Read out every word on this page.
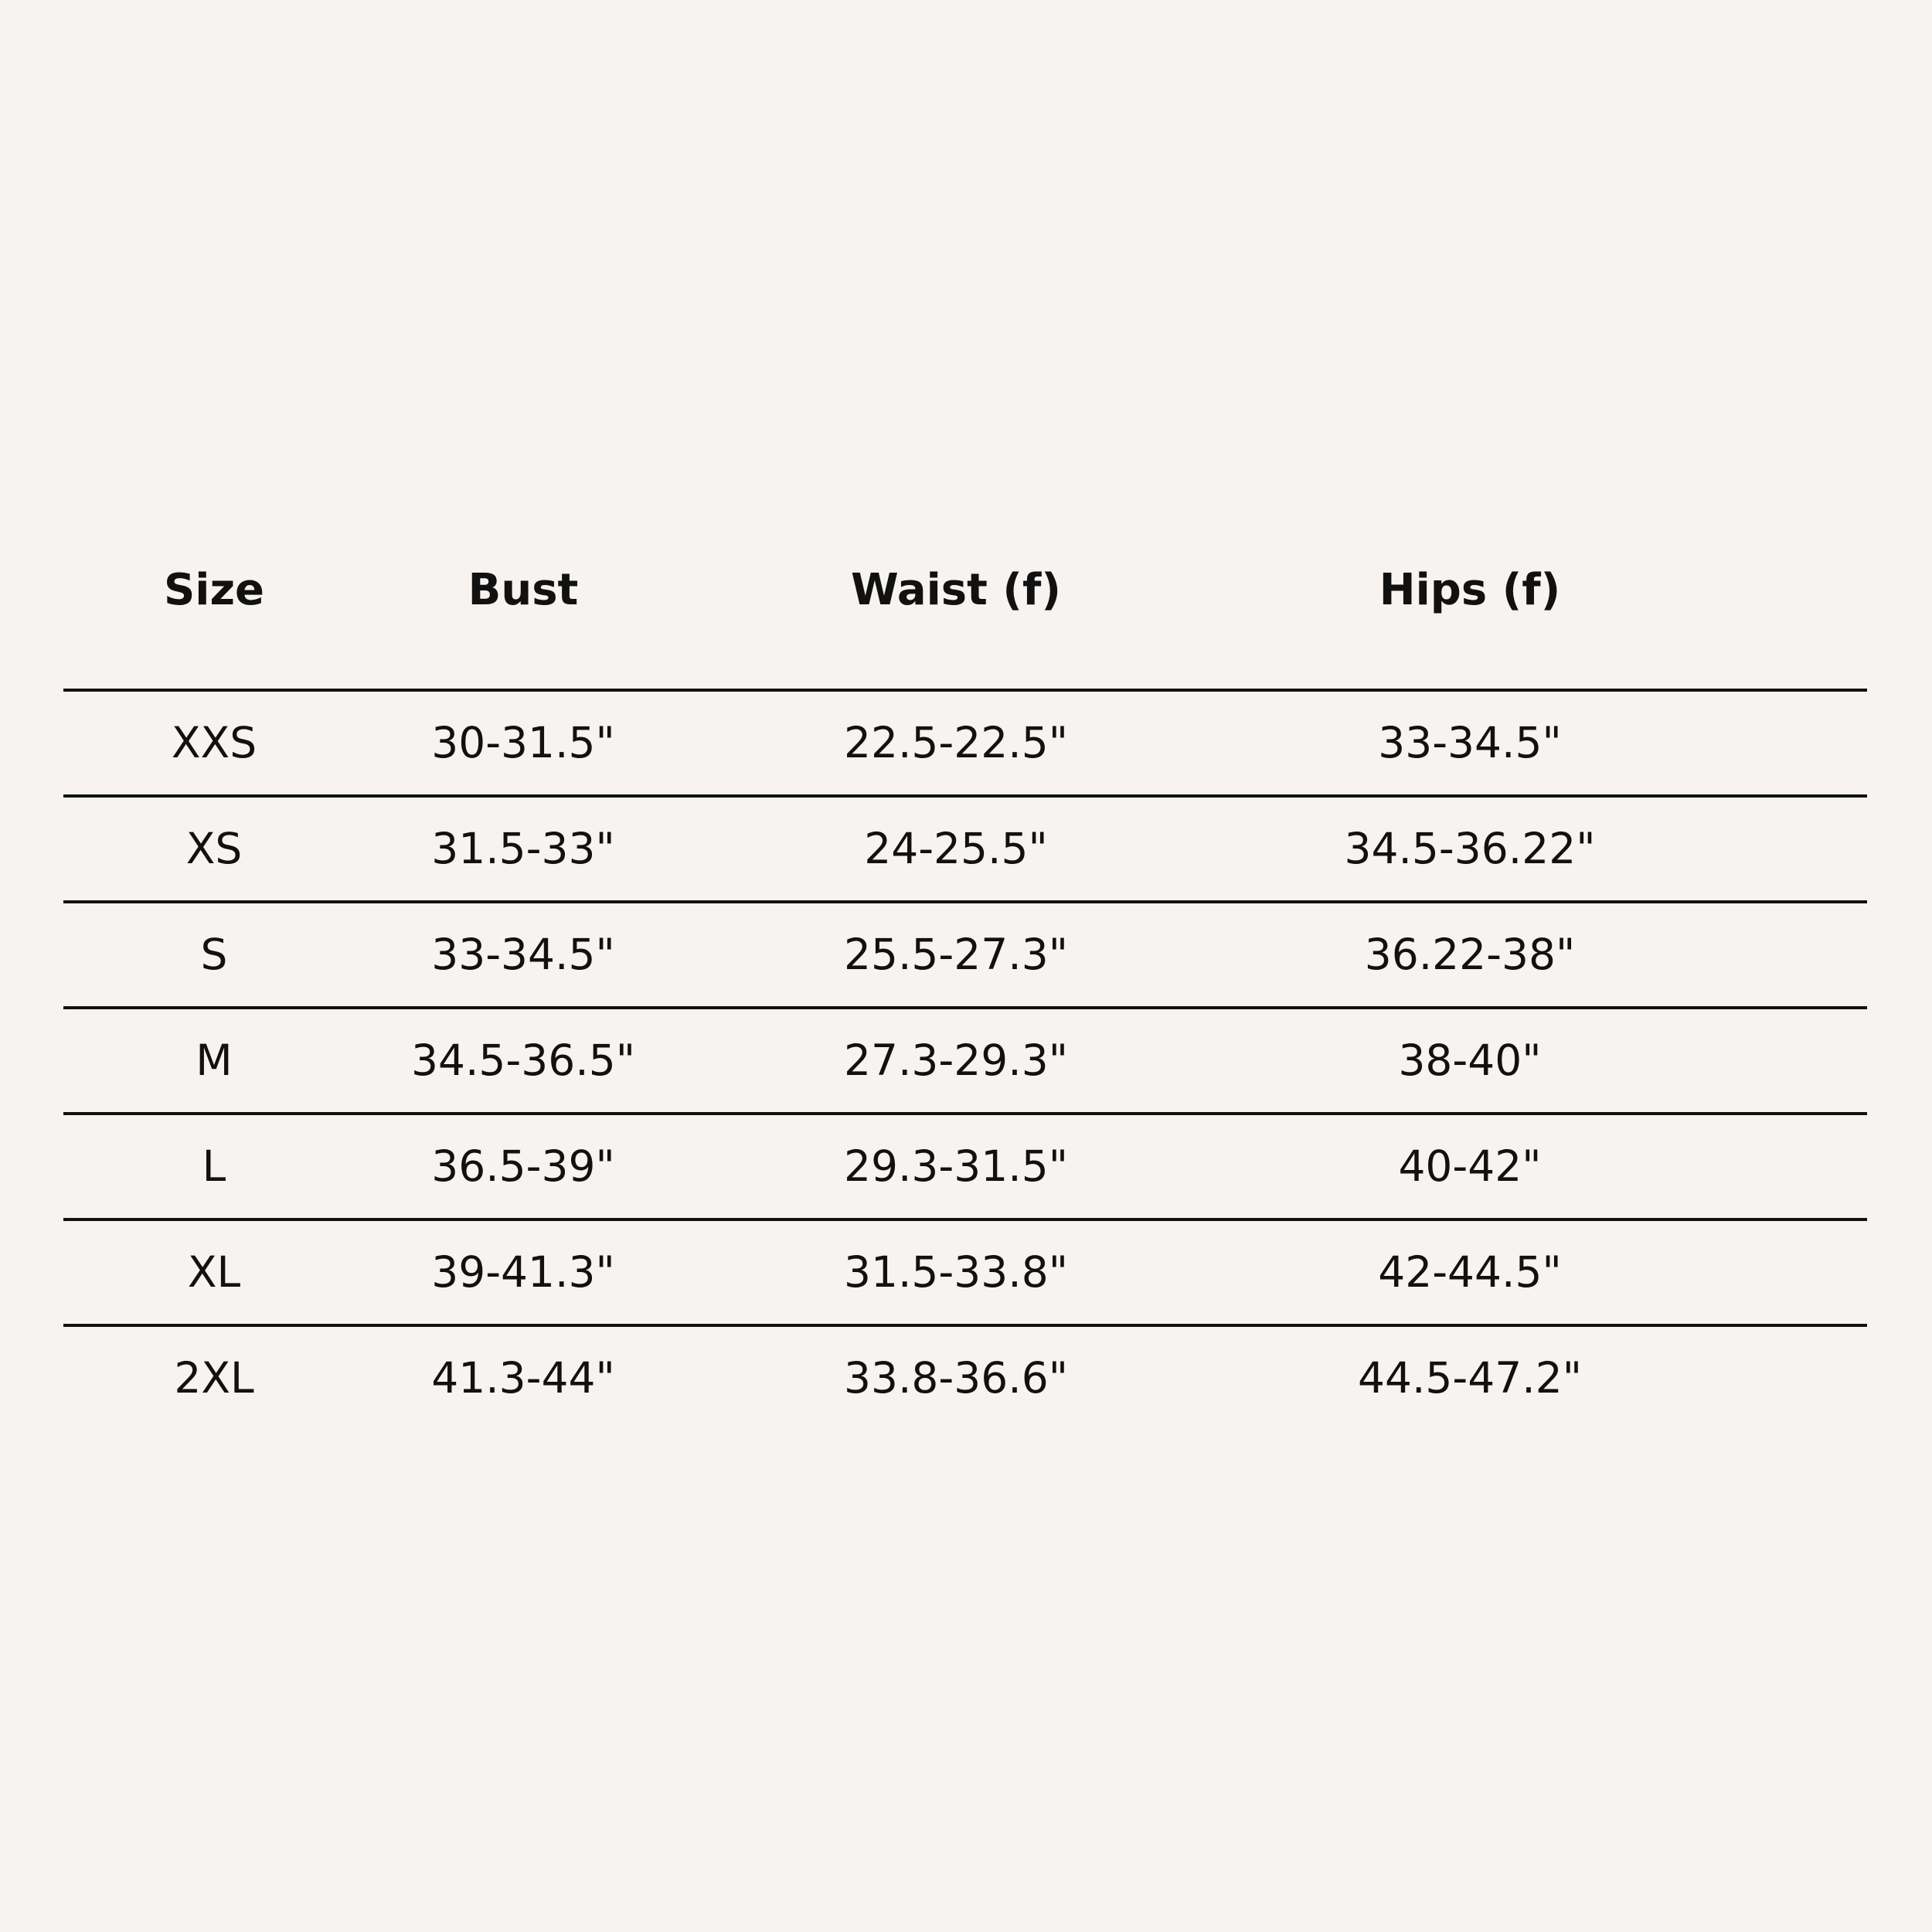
Size	Bust	Waist (f)	Hips (f)
XXS	30-31.5"	22.5-22.5"	33-34.5"
XS	31.5-33"	24-25.5"	34.5-36.22"
S	33-34.5"	25.5-27.3"	36.22-38"
M	34.5-36.5"	27.3-29.3"	38-40"
L	36.5-39"	29.3-31.5"	40-42"
XL	39-41.3"	31.5-33.8"	42-44.5"
2XL	41.3-44"	33.8-36.6"	44.5-47.2"
